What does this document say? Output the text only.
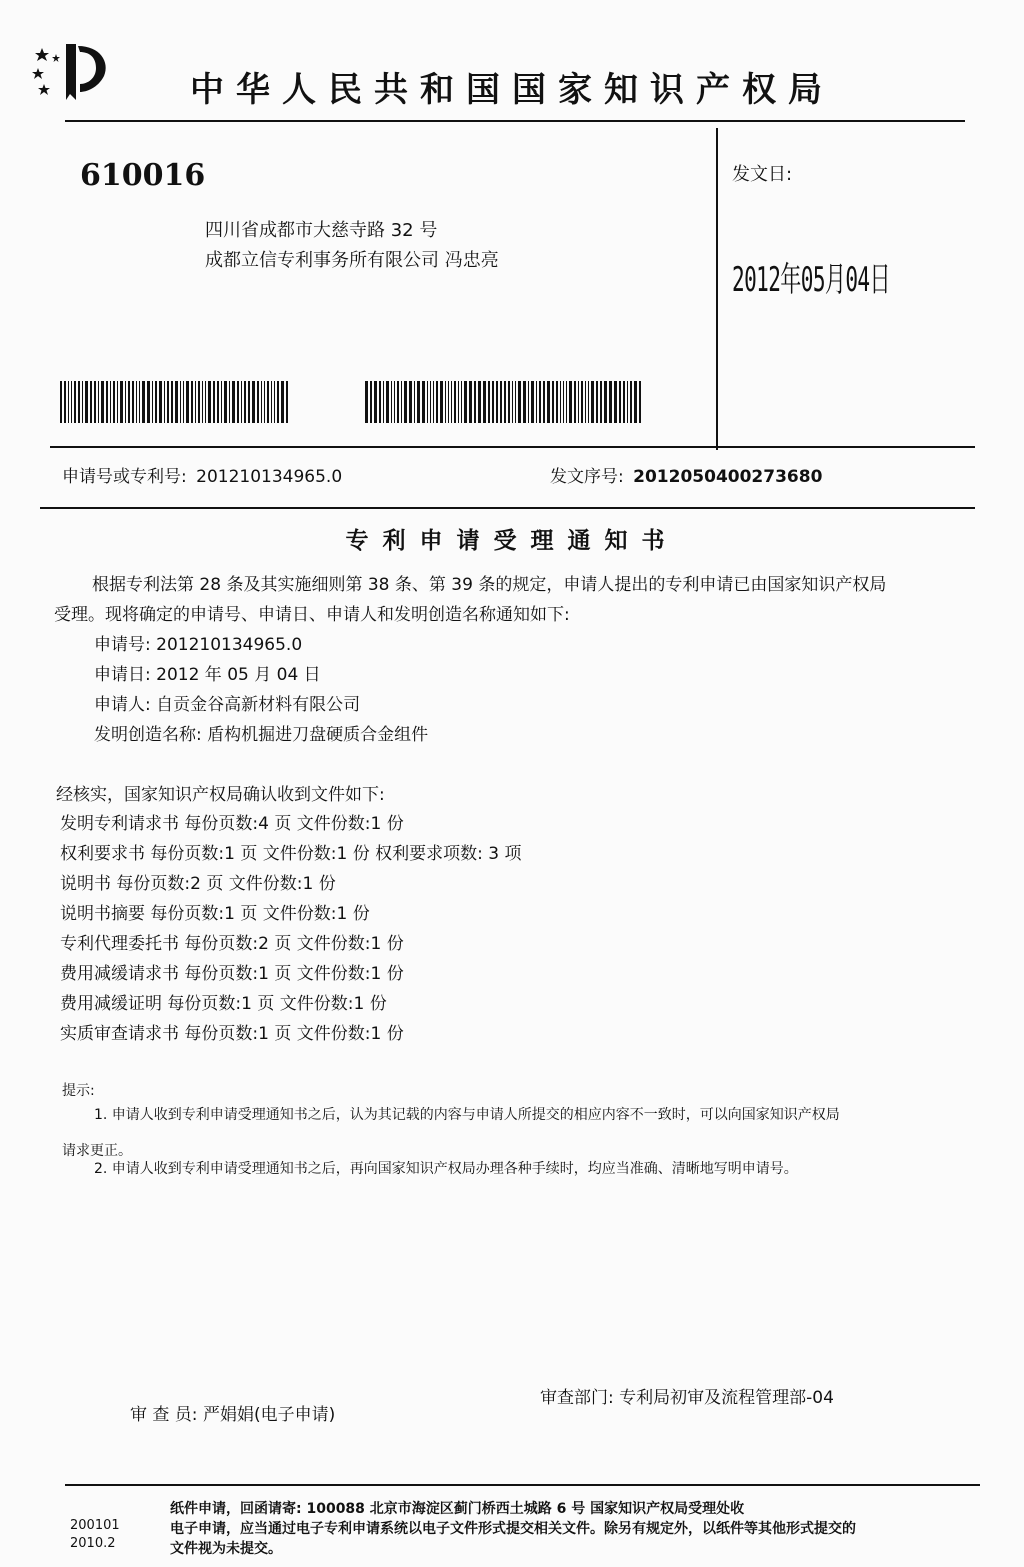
中华人民共和国国家知识产权局
610016
四川省成都市大慈寺路 32 号
成都立信专利事务所有限公司 冯忠亮
发文日:
2012年05月04日
申请号或专利号: 201210134965.0	发文序号: 2012050400273680
专利申请受理通知书
根据专利法第 28 条及其实施细则第 38 条、第 39 条的规定，申请人提出的专利申请已由国家知识产权局
受理。现将确定的申请号、申请日、申请人和发明创造名称通知如下:
申请号: 201210134965.0
申请日: 2012 年 05 月 04 日
申请人: 自贡金谷高新材料有限公司
发明创造名称: 盾构机掘进刀盘硬质合金组件
经核实，国家知识产权局确认收到文件如下:
发明专利请求书 每份页数:4 页 文件份数:1 份
权利要求书 每份页数:1 页 文件份数:1 份 权利要求项数: 3 项
说明书 每份页数:2 页 文件份数:1 份
说明书摘要 每份页数:1 页 文件份数:1 份
专利代理委托书 每份页数:2 页 文件份数:1 份
费用减缓请求书 每份页数:1 页 文件份数:1 份
费用减缓证明 每份页数:1 页 文件份数:1 份
实质审查请求书 每份页数:1 页 文件份数:1 份
提示:
1. 申请人收到专利申请受理通知书之后，认为其记载的内容与申请人所提交的相应内容不一致时，可以向国家知识产权局
请求更正。
2. 申请人收到专利申请受理通知书之后，再向国家知识产权局办理各种手续时，均应当准确、清晰地写明申请号。
审 查 员: 严娟娟(电子申请)
审查部门: 专利局初审及流程管理部-04
200101
2010.2
纸件申请，回函请寄: 100088 北京市海淀区蓟门桥西土城路 6 号 国家知识产权局受理处收
电子申请，应当通过电子专利申请系统以电子文件形式提交相关文件。除另有规定外，以纸件等其他形式提交的
文件视为未提交。
